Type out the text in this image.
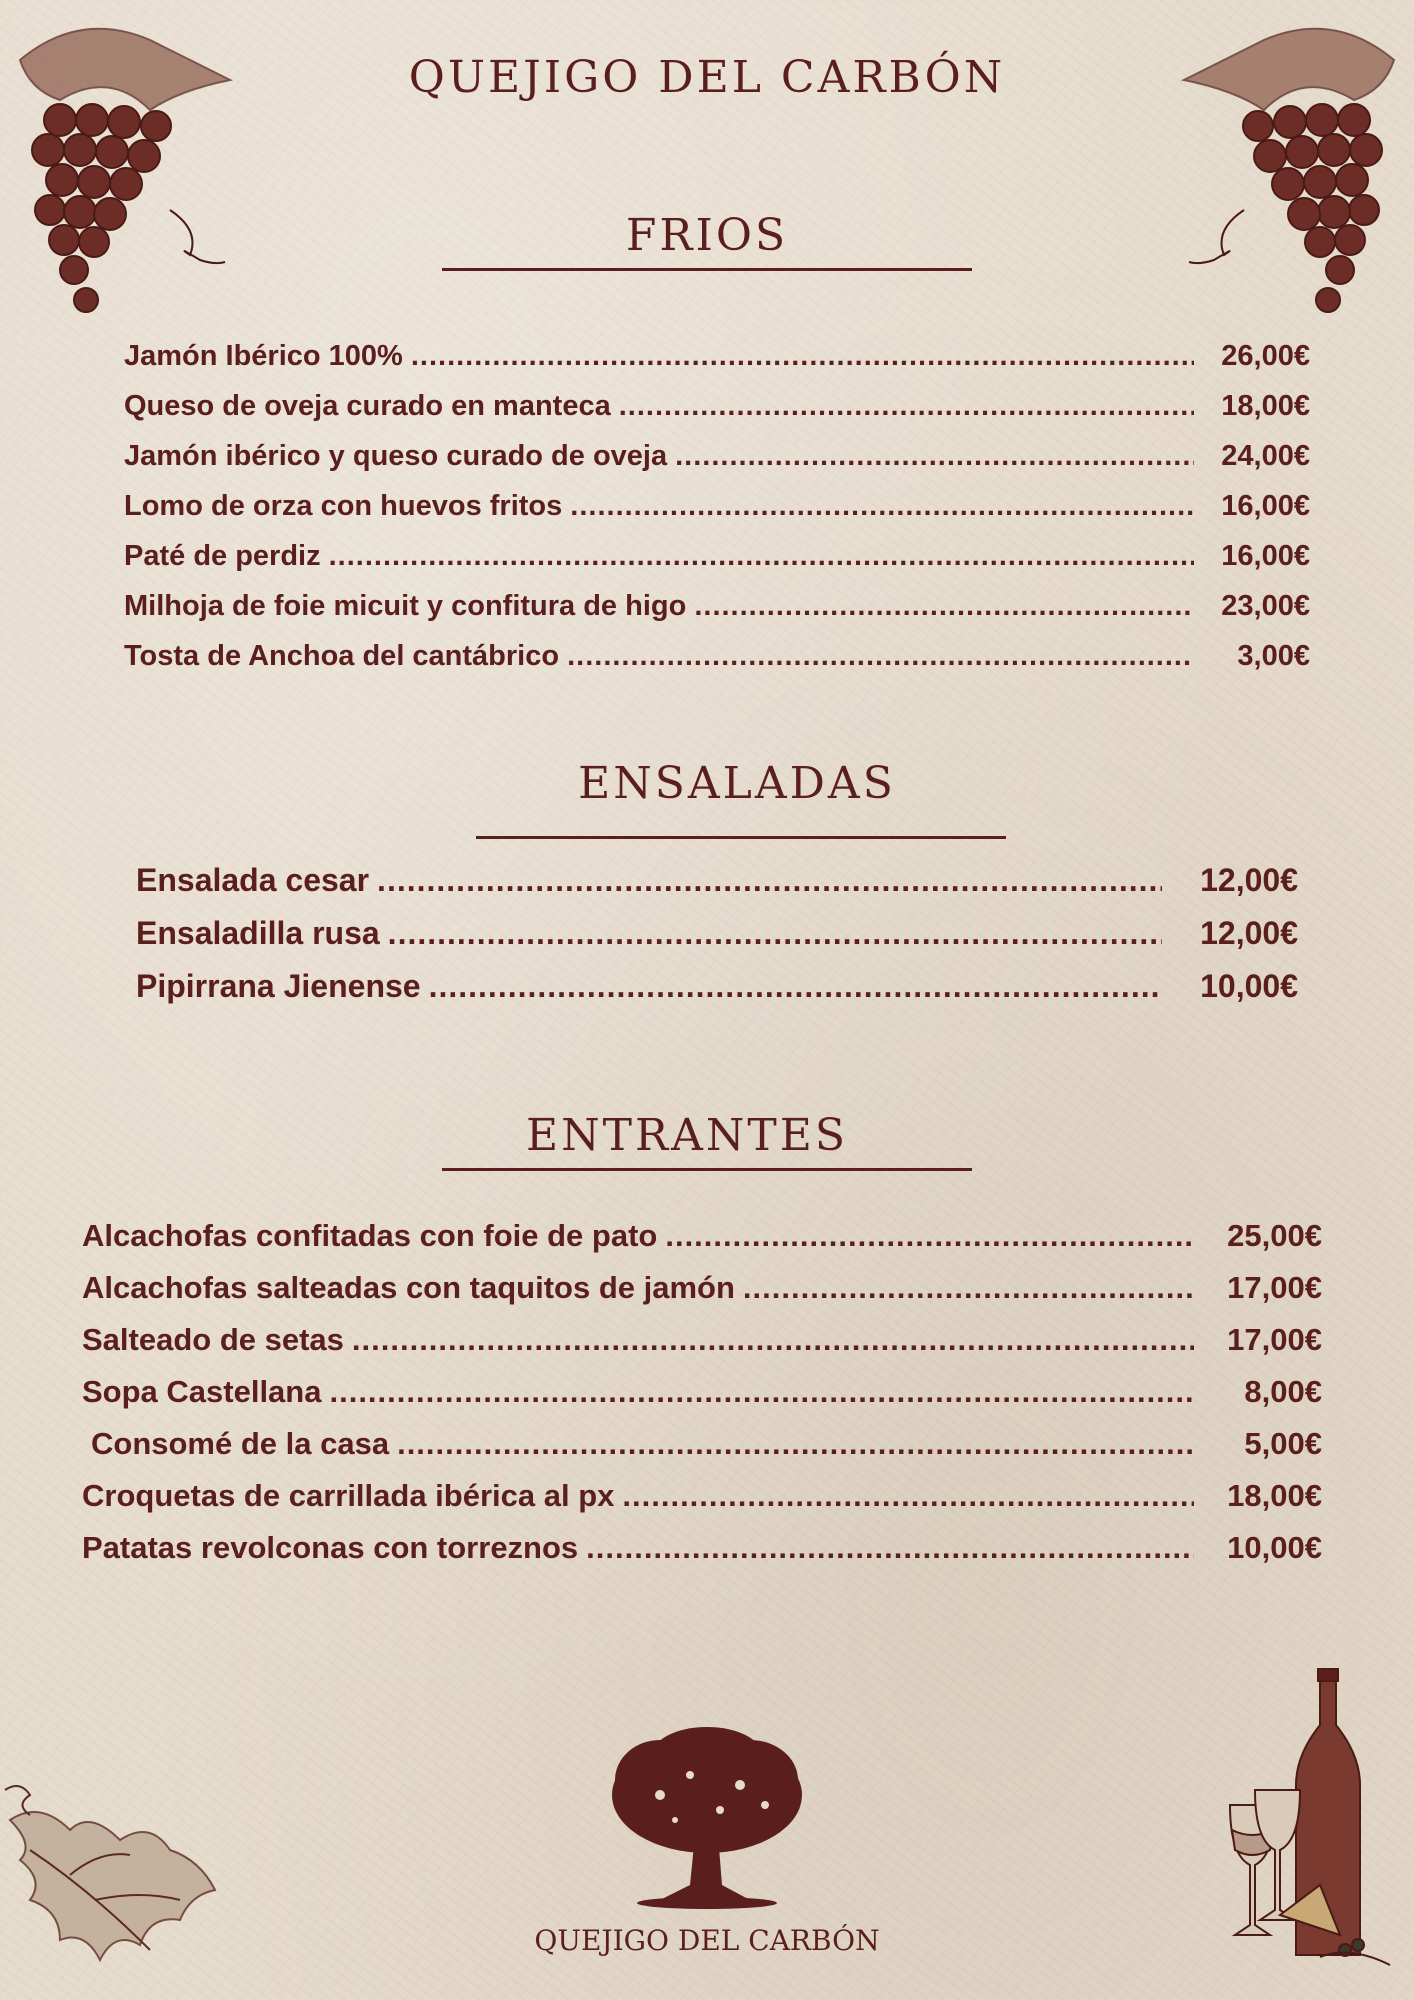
QUEJIGO DEL CARBÓN
FRIOS
Jamón Ibérico 100% .....	26,00€
Queso de oveja curado en manteca .....	18,00€
Jamón ibérico y queso curado de oveja .....	24,00€
Lomo de orza con huevos fritos .....	16,00€
Paté de perdiz .....	16,00€
Milhoja de foie micuit y confitura de higo .....	23,00€
Tosta de Anchoa del cantábrico .....	3,00€
ENSALADAS
Ensalada cesar .....	12,00€
Ensaladilla rusa .....	12,00€
Pipirrana Jienense .....	10,00€
ENTRANTES
Alcachofas confitadas con foie de pato .....	25,00€
Alcachofas salteadas con taquitos de jamón .....	17,00€
Salteado de setas .....	17,00€
Sopa Castellana .....	8,00€
Consomé de la casa .....	5,00€
Croquetas de carrillada ibérica al px .....	18,00€
Patatas revolconas con torreznos .....	10,00€
QUEJIGO DEL CARBÓN
